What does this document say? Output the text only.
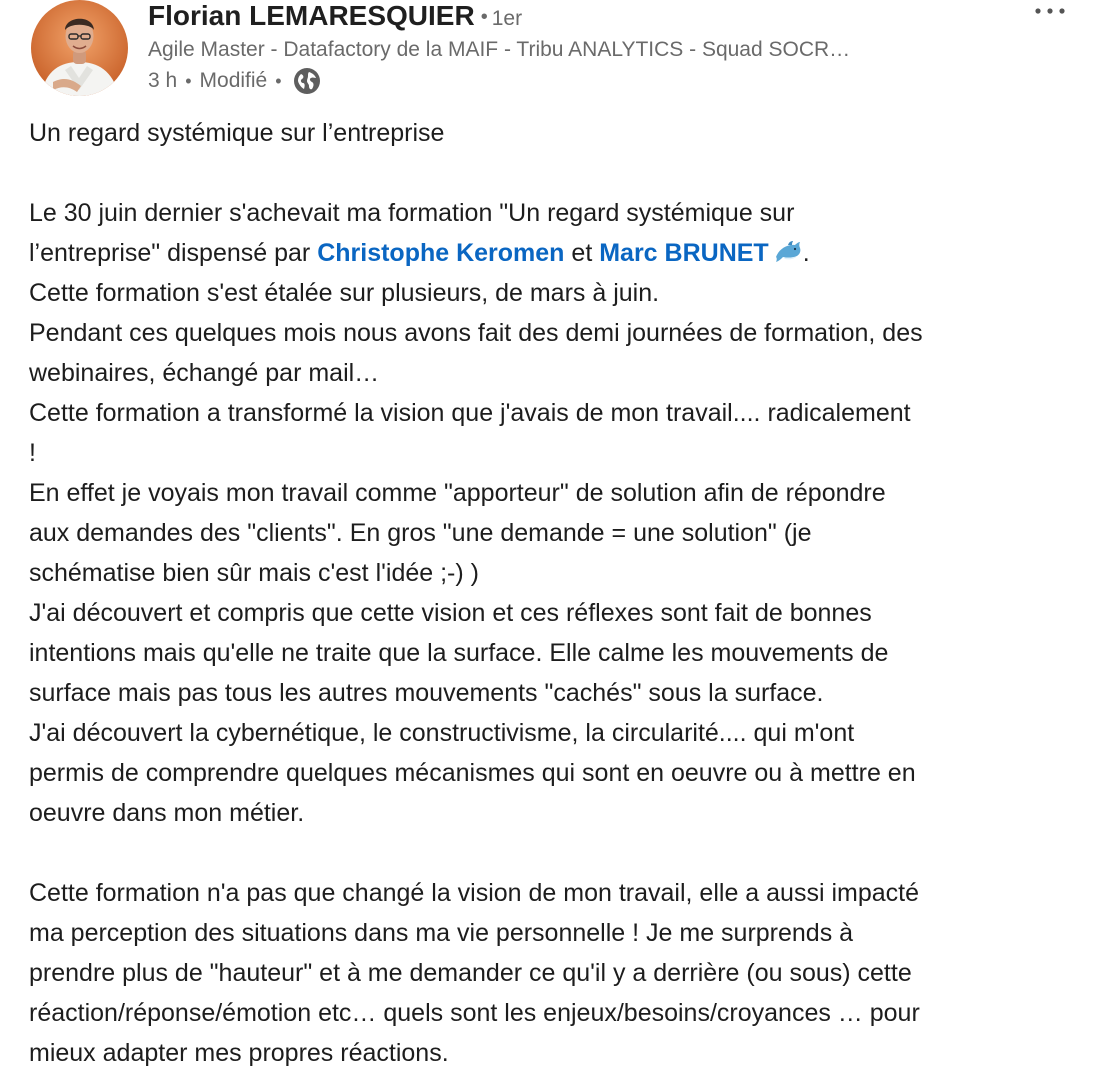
Florian LEMARESQUIER • 1er
Agile Master - Datafactory de la MAIF - Tribu ANALYTICS - Squad SOCR…
3 h • Modifié •

Un regard systémique sur l’entreprise

Le 30 juin dernier s'achevait ma formation "Un regard systémique sur

l’entreprise" dispensé par Christophe Keromen et Marc BRUNET .

Cette formation s'est étalée sur plusieurs, de mars à juin.

Pendant ces quelques mois nous avons fait des demi journées de formation, des

webinaires, échangé par mail…

Cette formation a transformé la vision que j'avais de mon travail.... radicalement

!

En effet je voyais mon travail comme "apporteur" de solution afin de répondre

aux demandes des "clients". En gros "une demande = une solution" (je

schématise bien sûr mais c'est l'idée ;-) )

J'ai découvert et compris que cette vision et ces réflexes sont fait de bonnes

intentions mais qu'elle ne traite que la surface. Elle calme les mouvements de

surface mais pas tous les autres mouvements "cachés" sous la surface.

J'ai découvert la cybernétique, le constructivisme, la circularité.... qui m'ont

permis de comprendre quelques mécanismes qui sont en oeuvre ou à mettre en

oeuvre dans mon métier.

Cette formation n'a pas que changé la vision de mon travail, elle a aussi impacté

ma perception des situations dans ma vie personnelle ! Je me surprends à

prendre plus de "hauteur" et à me demander ce qu'il y a derrière (ou sous) cette

réaction/réponse/émotion etc… quels sont les enjeux/besoins/croyances … pour

mieux adapter mes propres réactions.
